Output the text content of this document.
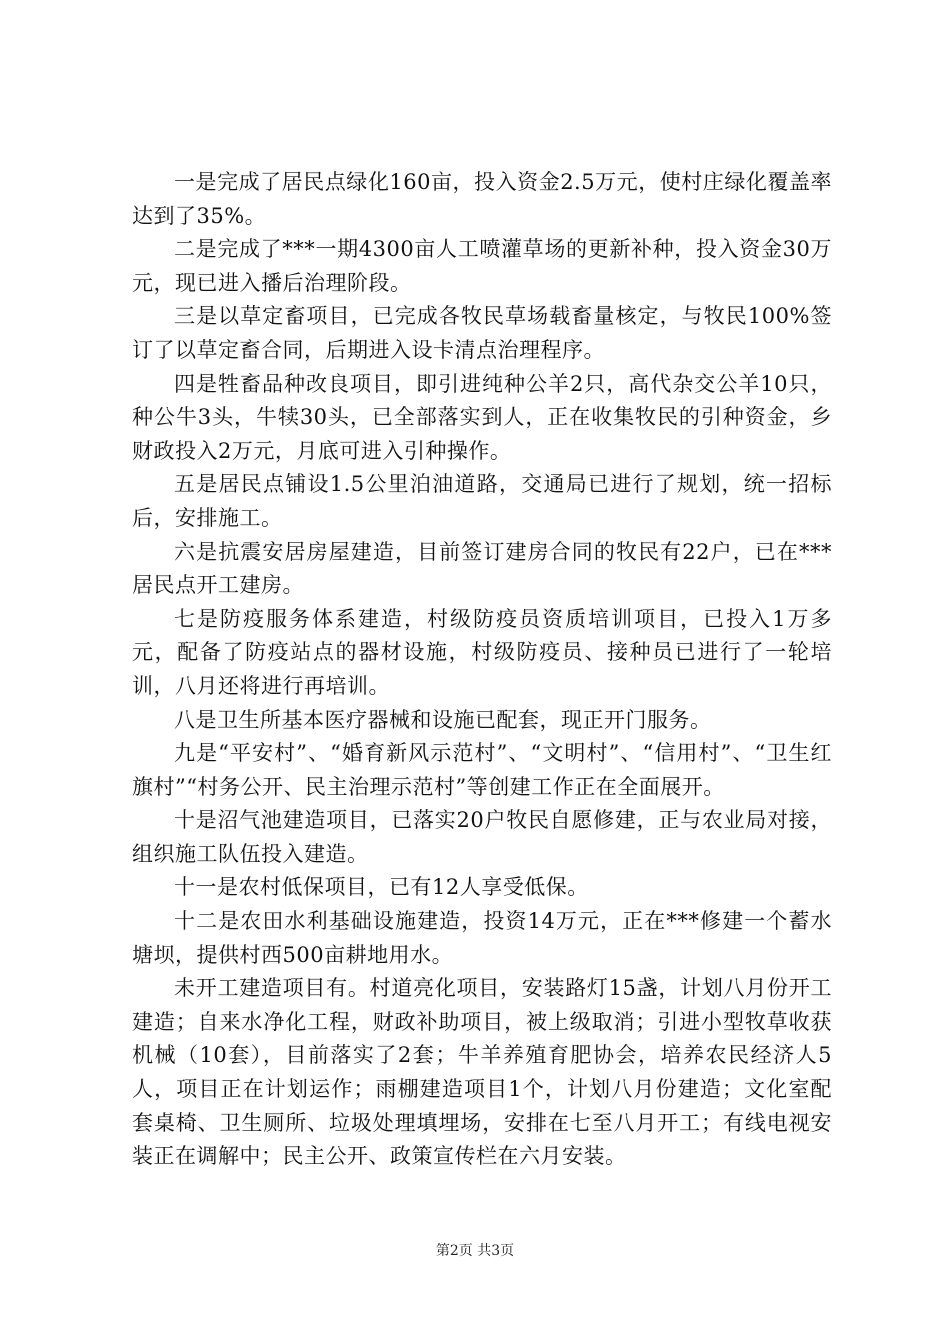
一是完成了居民点绿化160亩，投入资金2.5万元，使村庄绿化覆盖率达到了35%。

二是完成了***一期4300亩人工喷灌草场的更新补种，投入资金30万元，现已进入播后治理阶段。

三是以草定畜项目，已完成各牧民草场载畜量核定，与牧民100%签订了以草定畜合同，后期进入设卡清点治理程序。

四是牲畜品种改良项目，即引进纯种公羊2只，高代杂交公羊10只，种公牛3头，牛犊30头，已全部落实到人，正在收集牧民的引种资金，乡财政投入2万元，月底可进入引种操作。

五是居民点铺设1.5公里泊油道路，交通局已进行了规划，统一招标后，安排施工。

六是抗震安居房屋建造，目前签订建房合同的牧民有22户，已在***居民点开工建房。

七是防疫服务体系建造，村级防疫员资质培训项目，已投入1万多元，配备了防疫站点的器材设施，村级防疫员、接种员已进行了一轮培训，八月还将进行再培训。

八是卫生所基本医疗器械和设施已配套，现正开门服务。

九是“平安村”、“婚育新风示范村”、“文明村”、“信用村”、“卫生红旗村”“村务公开、民主治理示范村”等创建工作正在全面展开。

十是沼气池建造项目，已落实20户牧民自愿修建，正与农业局对接，组织施工队伍投入建造。

十一是农村低保项目，已有12人享受低保。

十二是农田水利基础设施建造，投资14万元，正在***修建一个蓄水塘坝，提供村西500亩耕地用水。

未开工建造项目有。村道亮化项目，安装路灯15盏，计划八月份开工建造；自来水净化工程，财政补助项目，被上级取消；引进小型牧草收获机械（10套），目前落实了2套；牛羊养殖育肥协会，培养农民经济人5人，项目正在计划运作；雨棚建造项目1个，计划八月份建造；文化室配套桌椅、卫生厕所、垃圾处理填埋场，安排在七至八月开工；有线电视安装正在调解中；民主公开、政策宣传栏在六月安装。

第2页 共3页
